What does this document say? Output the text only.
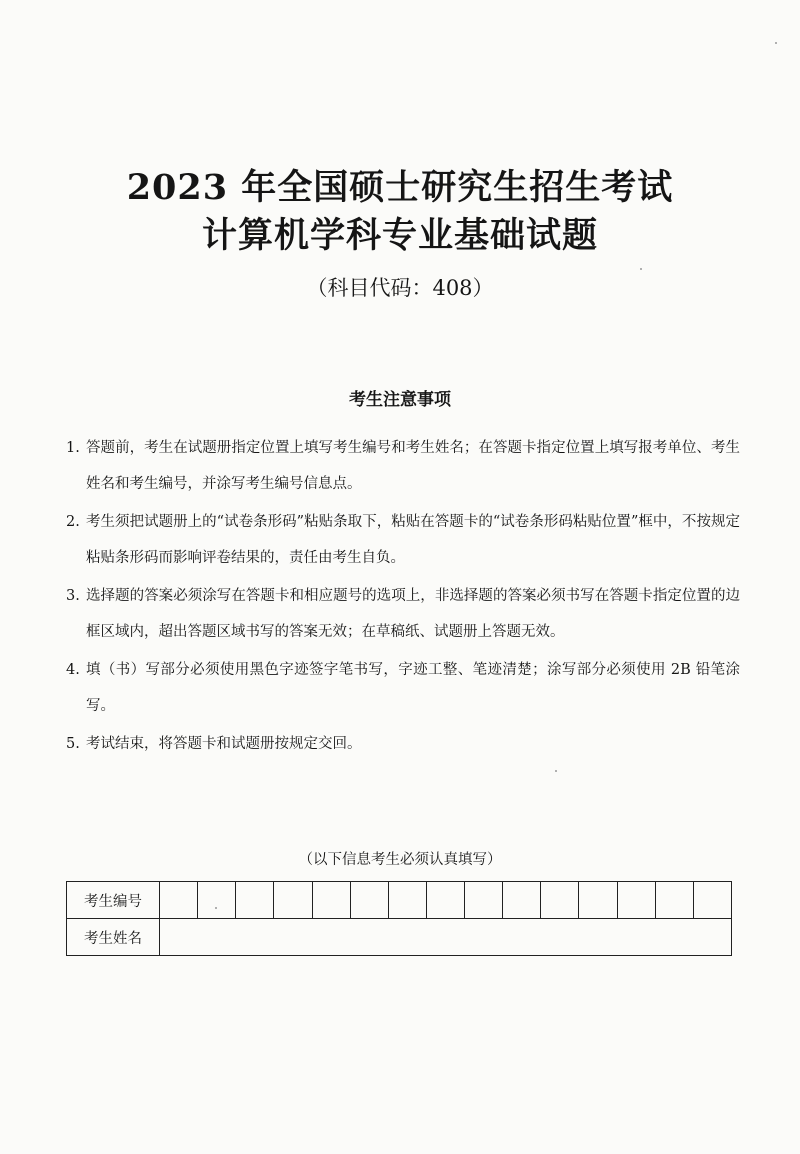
2023 年全国硕士研究生招生考试
计算机学科专业基础试题
（科目代码：408）
考生注意事项
1. 答题前，考生在试题册指定位置上填写考生编号和考生姓名；在答题卡指定位置上填写报考单位、考生姓名和考生编号，并涂写考生编号信息点。
2. 考生须把试题册上的“试卷条形码”粘贴条取下，粘贴在答题卡的“试卷条形码粘贴位置”框中，不按规定粘贴条形码而影响评卷结果的，责任由考生自负。
3. 选择题的答案必须涂写在答题卡和相应题号的选项上，非选择题的答案必须书写在答题卡指定位置的边框区域内，超出答题区域书写的答案无效；在草稿纸、试题册上答题无效。
4. 填（书）写部分必须使用黑色字迹签字笔书写，字迹工整、笔迹清楚；涂写部分必须使用 2B 铅笔涂写。
5. 考试结束，将答题卡和试题册按规定交回。
（以下信息考生必须认真填写）
考生编号															
考生姓名															
